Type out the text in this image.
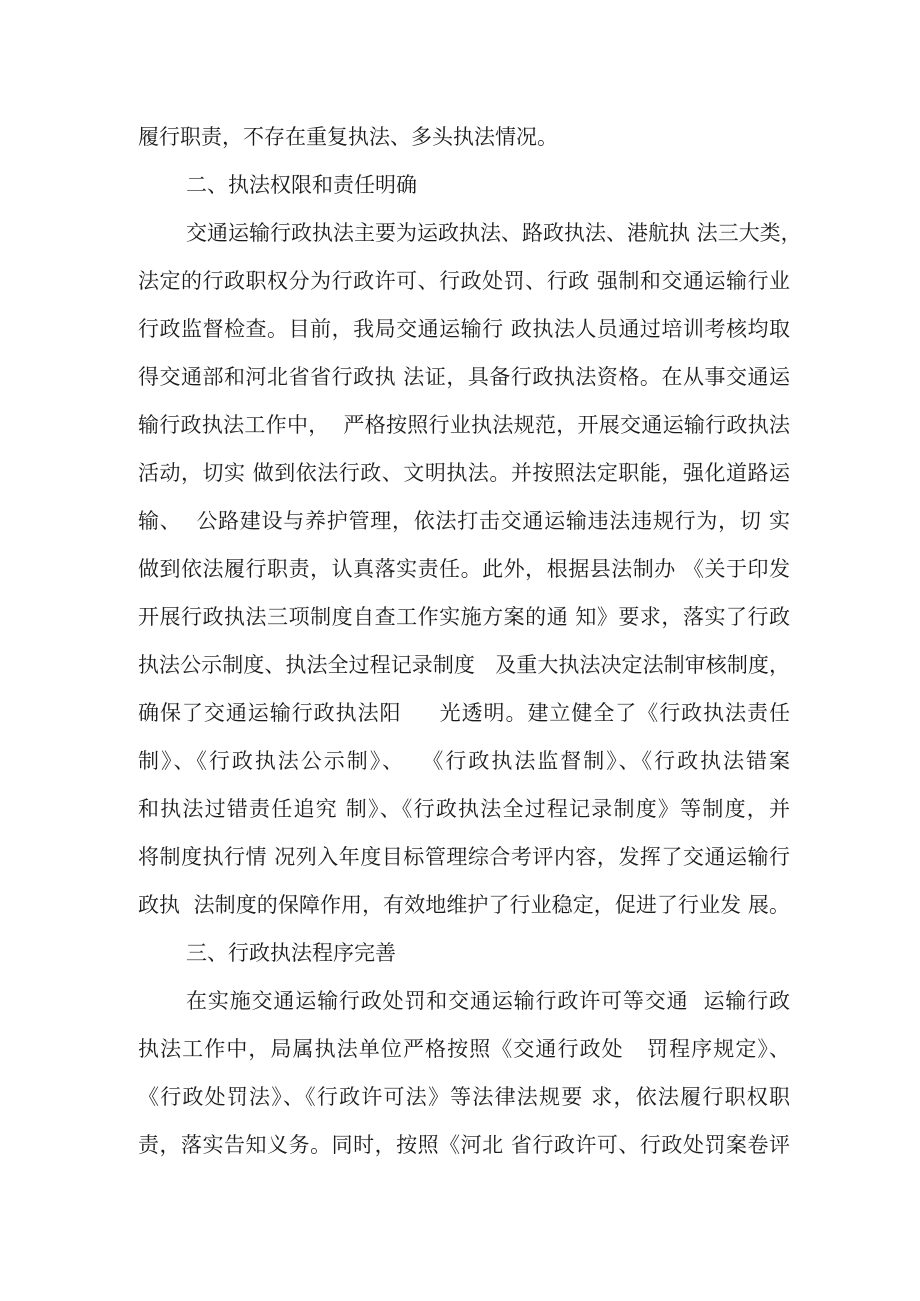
履行职责，不存在重复执法、多头执法情况。
二、执法权限和责任明确
交通运输行政执法主要为运政执法、路政执法、港航执 法三大类，
法定的行政职权分为行政许可、行政处罚、行政 强制和交通运输行业
行政监督检查。目前，我局交通运输行 政执法人员通过培训考核均取
得交通部和河北省省行政执 法证，具备行政执法资格。在从事交通运
输行政执法工作中，  严格按照行业执法规范，开展交通运输行政执法
活动，切实 做到依法行政、文明执法。并按照法定职能，强化道路运
输、  公路建设与养护管理，依法打击交通运输违法违规行为，切 实
做到依法履行职责，认真落实责任。此外，根据县法制办 《关于印发
开展行政执法三项制度自查工作实施方案的通 知》要求，落实了行政
执法公示制度、执法全过程记录制度   及重大执法决定法制审核制度，
确保了交通运输行政执法阳     光透明。建立健全了《行政执法责任
制》、《行政执法公示制》、  《行政执法监督制》、《行政执法错案
和执法过错责任追究 制》、《行政执法全过程记录制度》等制度，并
将制度执行情 况列入年度目标管理综合考评内容，发挥了交通运输行
政执  法制度的保障作用，有效地维护了行业稳定，促进了行业发 展。
三、行政执法程序完善
在实施交通运输行政处罚和交通运输行政许可等交通  运输行政
执法工作中，局属执法单位严格按照《交通行政处   罚程序规定》、
《行政处罚法》、《行政许可法》等法律法规要 求，依法履行职权职
责，落实告知义务。同时，按照《河北 省行政许可、行政处罚案卷评
